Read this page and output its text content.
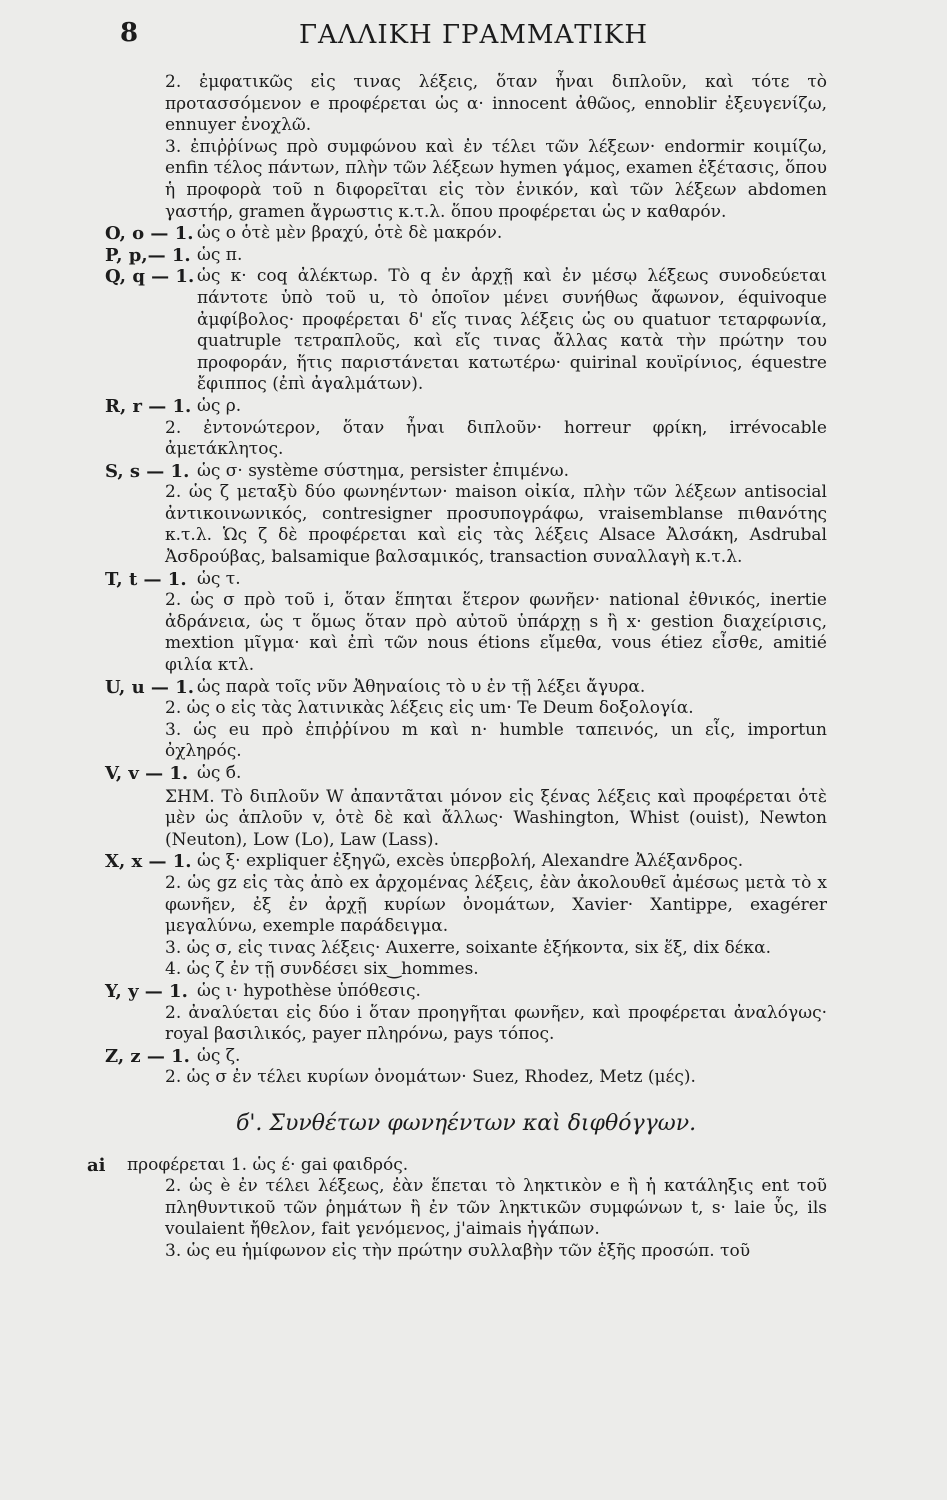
8	ΓΑΛΛΙΚΗ ΓΡΑΜΜΑΤΙΚΗ
2. ἐμφατικῶς εἰς τινας λέξεις, ὅταν ἦναι διπλοῦν, καὶ τότε τὸ προτασσόμενον e προφέρεται ὡς α· innocent ἀθῶος, ennoblir ἐξευγενίζω, ennuyer ἐνοχλῶ.
3. ἐπιῤῥίνως πρὸ συμφώνου καὶ ἐν τέλει τῶν λέξεων· endormir κοιμίζω, enfin τέλος πάντων, πλὴν τῶν λέξεων hymen γάμος, examen ἐξέτασις, ὅπου ἡ προφορὰ τοῦ n διφορεῖται εἰς τὸν ἑνικόν, καὶ τῶν λέξεων abdomen γαστήρ, gramen ἄγρωστις κ.τ.λ. ὅπου προφέρεται ὡς ν καθαρόν.
O, o — 1. ὡς ο ὁτὲ μὲν βραχύ, ὁτὲ δὲ μακρόν.
P, p,— 1. ὡς π.
Q, q — 1. ὡς κ· coq ἀλέκτωρ. Τὸ q ἐν ἀρχῇ καὶ ἐν μέσῳ λέξεως συνοδεύεται πάντοτε ὑπὸ τοῦ u, τὸ ὁποῖον μένει συνήθως ἄφωνον, équivoque ἀμφίβολος· προφέρεται δ' εἴς τινας λέξεις ὡς ου quatuor τεταρφωνία, quatruple τετραπλοῦς, καὶ εἴς τινας ἄλλας κατὰ τὴν πρώτην του προφοράν, ἥτις παριστάνεται κατωτέρω· quirinal κουϊρίνιος, équestre ἔφιππος (ἐπὶ ἀγαλμάτων).
R, r — 1. ὡς ρ.
2. ἐντονώτερον, ὅταν ἦναι διπλοῦν· horreur φρίκη, irrévocable ἀμετάκλητος.
S, s — 1. ὡς σ· système σύστημα, persister ἐπιμένω.
2. ὡς ζ μεταξὺ δύο φωνηέντων· maison οἰκία, πλὴν τῶν λέξεων antisocial ἀντικοινωνικός, contresigner προσυπογράφω, vraisemblanse πιθανότης κ.τ.λ. Ὡς ζ δὲ προφέρεται καὶ εἰς τὰς λέξεις Alsace Ἀλσάκη, Asdrubal Ἀσδρούβας, balsamique βαλσαμικός, transaction συναλλαγὴ κ.τ.λ.
T, t — 1. ὡς τ.
2. ὡς σ πρὸ τοῦ i, ὅταν ἕπηται ἕτερον φωνῆεν· national ἐθνικός, inertie ἀδράνεια, ὡς τ ὅμως ὅταν πρὸ αὐτοῦ ὑπάρχῃ s ἢ x· gestion διαχείρισις, mextion μῖγμα· καὶ ἐπὶ τῶν nous étions εἴμεθα, vous étiez εἶσθε, amitié φιλία κτλ.
U, u — 1. ὡς παρὰ τοῖς νῦν Ἀθηναίοις τὸ υ ἐν τῇ λέξει ἄγυρα.
2. ὡς ο εἰς τὰς λατινικὰς λέξεις εἰς um· Te Deum δοξολογία.
3. ὡς eu πρὸ ἐπιῤῥίνου m καὶ n· humble ταπεινός, un εἷς, importun ὀχληρός.
V, v — 1. ὡς б.
ΣΗΜ. Τὸ διπλοῦν W ἀπαντᾶται μόνον εἰς ξένας λέξεις καὶ προφέρεται ὁτὲ μὲν ὡς ἁπλοῦν v, ὁτὲ δὲ καὶ ἄλλως· Washington, Whist (ouist), Newton (Neuton), Low (Lo), Law (Lass).
X, x — 1. ὡς ξ· expliquer ἐξηγῶ, excès ὑπερβολή, Alexandre Ἀλέξανδρος.
2. ὡς gz εἰς τὰς ἀπὸ ex ἀρχομένας λέξεις, ἐὰν ἀκολουθεῖ ἀμέσως μετὰ τὸ x φωνῆεν, ἐξ ἐν ἀρχῇ κυρίων ὀνομάτων, Xavier· Xantippe, exagérer μεγαλύνω, exemple παράδειγμα.
3. ὡς σ, εἰς τινας λέξεις· Auxerre, soixante ἑξήκοντα, six ἕξ, dix δέκα.
4. ὡς ζ ἐν τῇ συνδέσει six‿hommes.
Y, y — 1. ὡς ι· hypothèse ὑπόθεσις.
2. ἀναλύεται εἰς δύο i ὅταν προηγῆται φωνῆεν, καὶ προφέρεται ἀναλόγως· royal βασιλικός, payer πληρόνω, pays τόπος.
Z, z — 1. ὡς ζ.
2. ὡς σ ἐν τέλει κυρίων ὀνομάτων· Suez, Rhodez, Metz (μές).
б'. Συνθέτων φωνηέντων καὶ διφθόγγων.
ai	προφέρεται 1. ὡς έ· gai φαιδρός.
2. ὡς è ἐν τέλει λέξεως, ἐὰν ἕπεται τὸ ληκτικὸν e ἢ ἡ κατάληξις ent τοῦ πληθυντικοῦ τῶν ῥημάτων ἢ ἐν τῶν ληκτικῶν συμφώνων t, s· laie ὗς, ils voulaient ἤθελον, fait γενόμενος, j'aimais ἠγάπων.
3. ὡς eu ἡμίφωνον εἰς τὴν πρώτην συλλαβὴν τῶν ἑξῆς προσώπ. τοῦ
